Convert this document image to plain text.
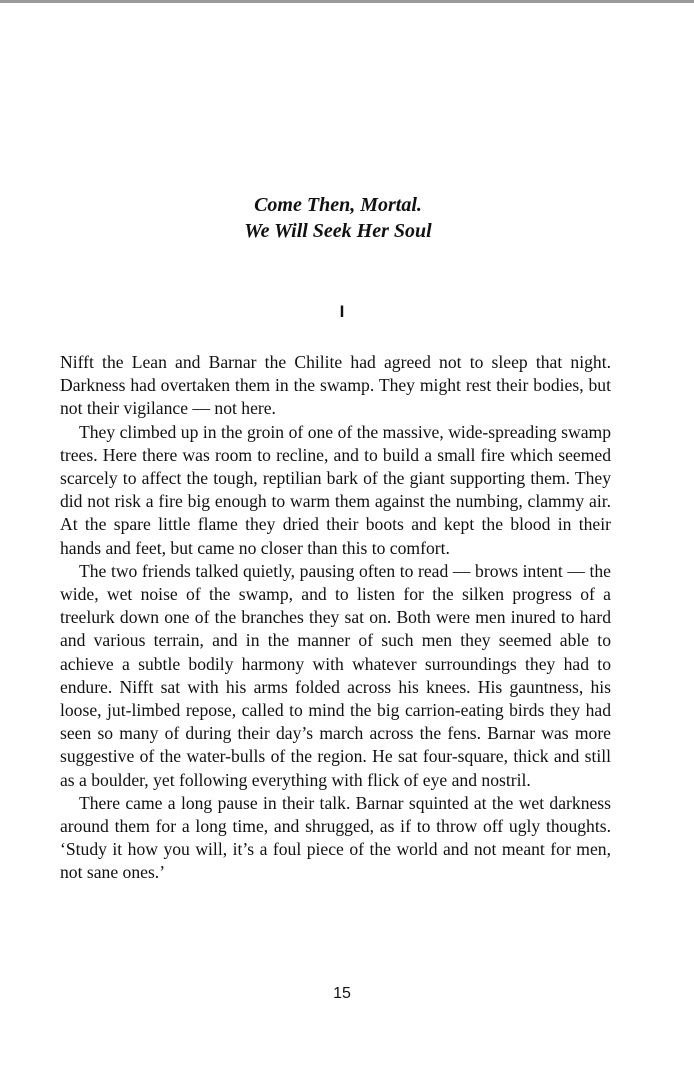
Come Then, Mortal.
We Will Seek Her Soul
I

Nifft the Lean and Barnar the Chilite had agreed not to sleep that night. Darkness had overtaken them in the swamp. They might rest their bodies, but not their vigilance — not here.

They climbed up in the groin of one of the massive, wide-spreading swamp trees. Here there was room to recline, and to build a small fire which seemed scarcely to affect the tough, reptilian bark of the giant supporting them. They did not risk a fire big enough to warm them against the numbing, clammy air. At the spare little flame they dried their boots and kept the blood in their hands and feet, but came no closer than this to comfort.

The two friends talked quietly, pausing often to read — brows intent — the wide, wet noise of the swamp, and to listen for the silken progress of a treelurk down one of the branches they sat on. Both were men inured to hard and various terrain, and in the manner of such men they seemed able to achieve a subtle bodily harmony with whatever surroundings they had to endure. Nifft sat with his arms folded across his knees. His gauntness, his loose, jut-limbed repose, called to mind the big carrion-eating birds they had seen so many of during their day’s march across the fens. Barnar was more suggestive of the water-bulls of the region. He sat four-square, thick and still as a boulder, yet following everything with flick of eye and nostril.

There came a long pause in their talk. Barnar squinted at the wet darkness around them for a long time, and shrugged, as if to throw off ugly thoughts. ‘Study it how you will, it’s a foul piece of the world and not meant for men, not sane ones.’

15
